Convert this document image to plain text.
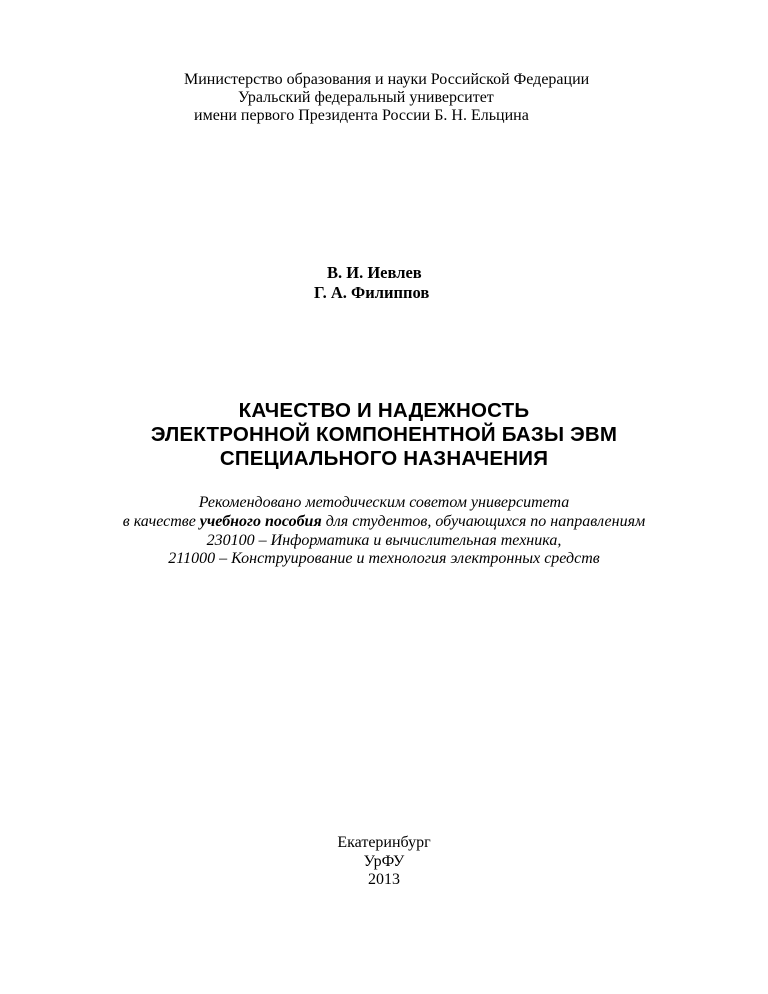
Министерство образования и науки Российской Федерации
Уральский федеральный университет
имени первого Президента России Б. Н. Ельцина
В. И. Иевлев
Г. А. Филиппов
КАЧЕСТВО И НАДЕЖНОСТЬ
ЭЛЕКТРОННОЙ КОМПОНЕНТНОЙ БАЗЫ ЭВМ
СПЕЦИАЛЬНОГО НАЗНАЧЕНИЯ
Рекомендовано методическим советом университета
в качестве учебного пособия для студентов, обучающихся по направлениям
230100 – Информатика и вычислительная техника,
211000 – Конструирование и технология электронных средств
Екатеринбург
УрФУ
2013
